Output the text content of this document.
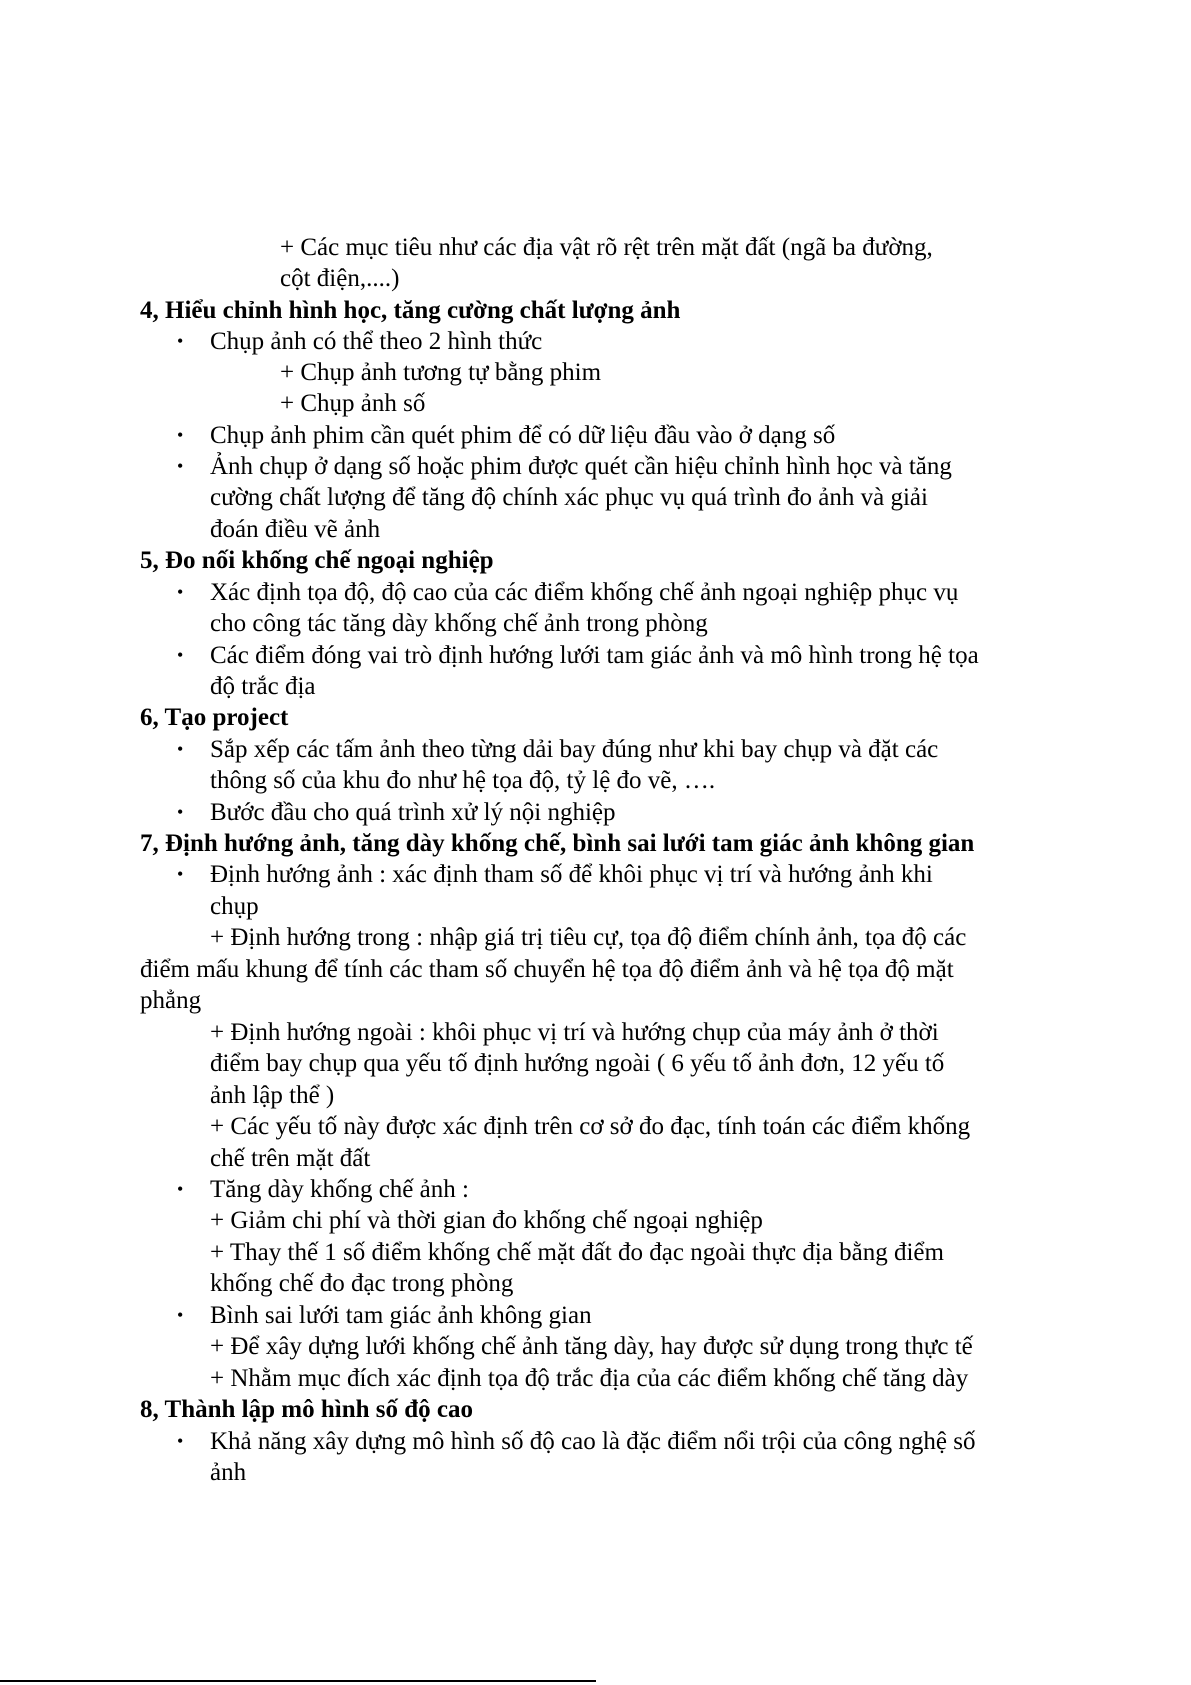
+ Các mục tiêu như các địa vật rõ rệt trên mặt đất (ngã ba đường,
cột điện,....)
4, Hiểu chỉnh hình học, tăng cường chất lượng ảnh
• Chụp ảnh có thể theo 2 hình thức
+ Chụp ảnh tương tự bằng phim
+ Chụp ảnh số
• Chụp ảnh phim cần quét phim để có dữ liệu đầu vào ở dạng số
• Ảnh chụp ở dạng số hoặc phim được quét cần hiệu chỉnh hình học và tăng
cường chất lượng để tăng độ chính xác phục vụ quá trình đo ảnh và giải
đoán điều vẽ ảnh
5, Đo nối khống chế ngoại nghiệp
• Xác định tọa độ, độ cao của các điểm khống chế ảnh ngoại nghiệp phục vụ
cho công tác tăng dày khống chế ảnh trong phòng
• Các điểm đóng vai trò định hướng lưới tam giác ảnh và mô hình trong hệ tọa
độ trắc địa
6, Tạo project
• Sắp xếp các tấm ảnh theo từng dải bay đúng như khi bay chụp và đặt các
thông số của khu đo như hệ tọa độ, tỷ lệ đo vẽ, ….
• Bước đầu cho quá trình xử lý nội nghiệp
7, Định hướng ảnh, tăng dày khống chế, bình sai lưới tam giác ảnh không gian
• Định hướng ảnh : xác định tham số để khôi phục vị trí và hướng ảnh khi
chụp
+ Định hướng trong : nhập giá trị tiêu cự, tọa độ điểm chính ảnh, tọa độ các
điểm mấu khung để tính các tham số chuyển hệ tọa độ điểm ảnh và hệ tọa độ mặt
phẳng
+ Định hướng ngoài : khôi phục vị trí và hướng chụp của máy ảnh ở thời
điểm bay chụp qua yếu tố định hướng ngoài ( 6 yếu tố ảnh đơn, 12 yếu tố
ảnh lập thể )
+ Các yếu tố này được xác định trên cơ sở đo đạc, tính toán các điểm khống
chế trên mặt đất
• Tăng dày khống chế ảnh :
+ Giảm chi phí và thời gian đo khống chế ngoại nghiệp
+ Thay thế 1 số điểm khống chế mặt đất đo đạc ngoài thực địa bằng điểm
khống chế đo đạc trong phòng
• Bình sai lưới tam giác ảnh không gian
+ Để xây dựng lưới khống chế ảnh tăng dày, hay được sử dụng trong thực tế
+ Nhằm mục đích xác định tọa độ trắc địa của các điểm khống chế tăng dày
8, Thành lập mô hình số độ cao
• Khả năng xây dựng mô hình số độ cao là đặc điểm nổi trội của công nghệ số
ảnh
